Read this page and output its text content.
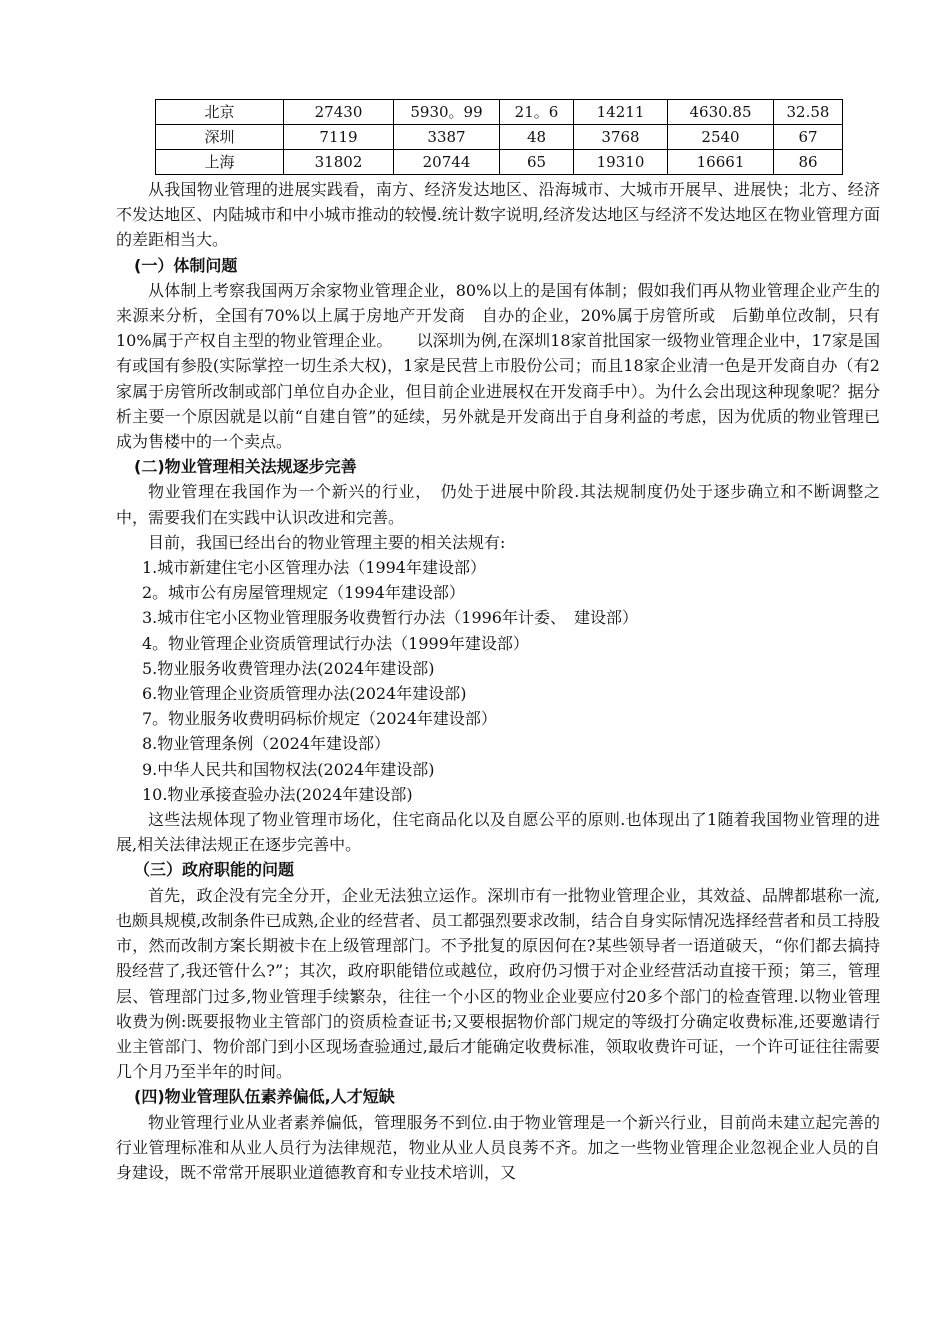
北京	27430	5930。99	21。6	14211	4630.85	32.58
深圳	7119	3387	48	3768	2540	67
上海	31802	20744	65	19310	16661	86

从我国物业管理的进展实践看，南方、经济发达地区、沿海城市、大城市开展早、进展快；北方、经济不发达地区、内陆城市和中小城市推动的较慢.统计数字说明,经济发达地区与经济不发达地区在物业管理方面的差距相当大。

(一）体制问题

从体制上考察我国两万余家物业管理企业，80%以上的是国有体制；假如我们再从物业管理企业产生的来源来分析，全国有70%以上属于房地产开发商　自办的企业，20%属于房管所或　后勤单位改制，只有10%属于产权自主型的物业管理企业。　　以深圳为例,在深圳18家首批国家一级物业管理企业中，17家是国有或国有参股(实际掌控一切生杀大权)，1家是民营上市股份公司；而且18家企业清一色是开发商自办（有2家属于房管所改制或部门单位自办企业，但目前企业进展权在开发商手中）。为什么会出现这种现象呢？据分析主要一个原因就是以前“自建自管”的延续，另外就是开发商出于自身利益的考虑，因为优质的物业管理已成为售楼中的一个卖点。

(二)物业管理相关法规逐步完善

物业管理在我国作为一个新兴的行业，　仍处于进展中阶段.其法规制度仍处于逐步确立和不断调整之中，需要我们在实践中认识改进和完善。

目前，我国已经出台的物业管理主要的相关法规有:

1.城市新建住宅小区管理办法（1994年建设部）

2。城市公有房屋管理规定（1994年建设部）

3.城市住宅小区物业管理服务收费暂行办法（1996年计委、　建设部）

4。物业管理企业资质管理试行办法（1999年建设部）

5.物业服务收费管理办法(2024年建设部)

6.物业管理企业资质管理办法(2024年建设部)

7。物业服务收费明码标价规定（2024年建设部）

8.物业管理条例（2024年建设部）

9.中华人民共和国物权法(2024年建设部)

10.物业承接查验办法(2024年建设部)

这些法规体现了物业管理市场化，住宅商品化以及自愿公平的原则.也体现出了1随着我国物业管理的进展,相关法律法规正在逐步完善中。

（三）政府职能的问题

首先，政企没有完全分开，企业无法独立运作。深圳市有一批物业管理企业，其效益、品牌都堪称一流,也颇具规模,改制条件已成熟,企业的经营者、员工都强烈要求改制，结合自身实际情况选择经营者和员工持股市，然而改制方案长期被卡在上级管理部门。不予批复的原因何在?某些领导者一语道破天，“你们都去搞持股经营了,我还管什么?”；其次，政府职能错位或越位，政府仍习惯于对企业经营活动直接干预；第三，管理层、管理部门过多,物业管理手续繁杂，往往一个小区的物业企业要应付20多个部门的检查管理.以物业管理收费为例:既要报物业主管部门的资质检查证书;又要根据物价部门规定的等级打分确定收费标准,还要邀请行业主管部门、物价部门到小区现场查验通过,最后才能确定收费标准，领取收费许可证，一个许可证往往需要几个月乃至半年的时间。

(四)物业管理队伍素养偏低,人才短缺

物业管理行业从业者素养偏低，管理服务不到位.由于物业管理是一个新兴行业，目前尚未建立起完善的行业管理标准和从业人员行为法律规范，物业从业人员良莠不齐。加之一些物业管理企业忽视企业人员的自身建设，既不常常开展职业道德教育和专业技术培训，又
